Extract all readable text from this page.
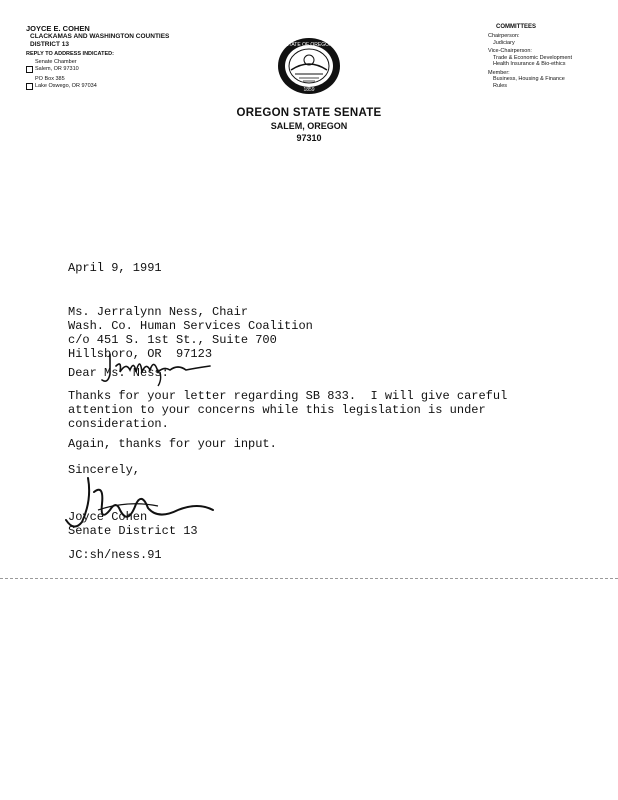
JOYCE E. COHEN
CLACKAMAS AND WASHINGTON COUNTIES
DISTRICT 13
REPLY TO ADDRESS INDICATED:
Senate Chamber
Salem, OR 97310
PO Box 385
Lake Oswego, OR 97034
STATE OF OREGON
1859
OREGON STATE SENATE
SALEM, OREGON
97310
COMMITTEES
Chairperson:
Judiciary
Vice-Chairperson:
Trade & Economic Development
Health Insurance & Bio-ethics
Member:
Business, Housing & Finance
Rules
April 9, 1991
Ms. Jerralynn Ness, Chair
Wash. Co. Human Services Coalition
c/o 451 S. 1st St., Suite 700
Hillsboro, OR  97123
Dear Ms. Ness:
Thanks for your letter regarding SB 833.  I will give careful
attention to your concerns while this legislation is under
consideration.
Again, thanks for your input.
Sincerely,
Joyce Cohen
Senate District 13
JC:sh/ness.91
